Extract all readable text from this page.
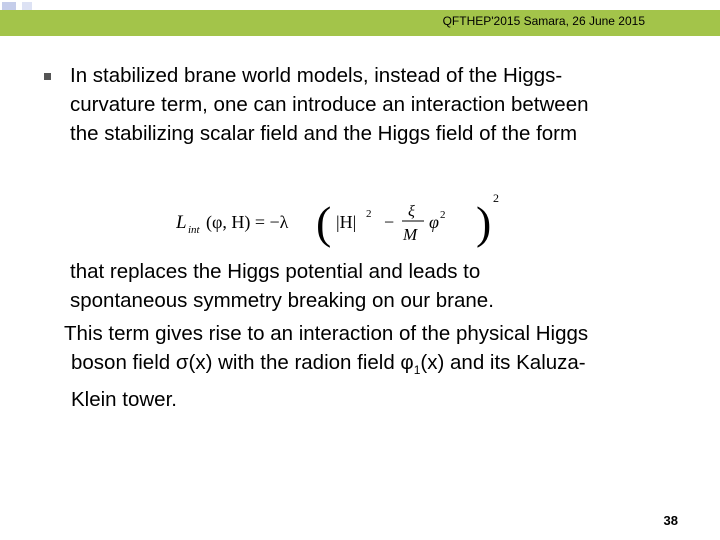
QFTHEP'2015 Samara, 26 June 2015
In stabilized brane world models, instead of the Higgs-
curvature term, one can introduce an interaction between
the stabilizing scalar field and the Higgs field of the form
L int (φ, H) = −λ ( |H| 2 −
ξ
M
φ 2 ) 2
that replaces the Higgs potential and leads to
spontaneous symmetry breaking on our brane.
This term gives rise to an interaction of the physical Higgs
boson field σ(x) with the radion field $\varphi_1(x)$ and its Kaluza-
Klein tower.
38
